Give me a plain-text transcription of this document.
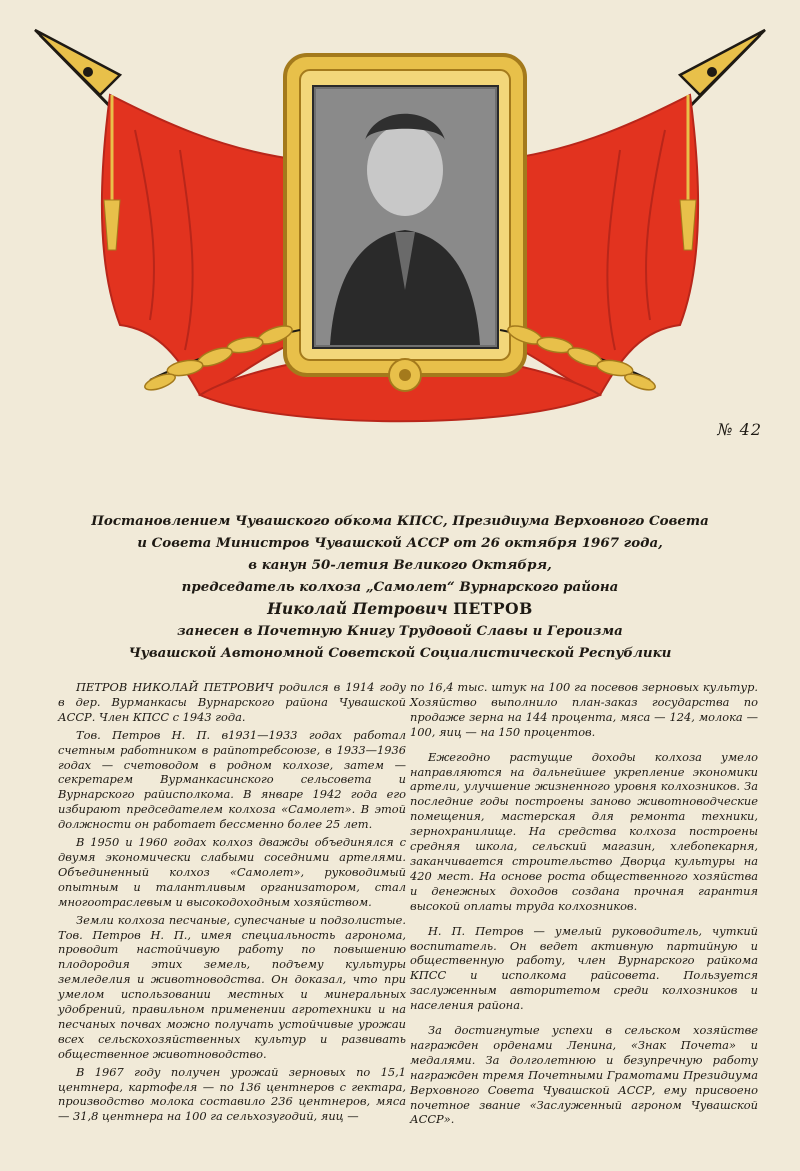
№ 42
Постановлением Чувашского обкома КПСС, Президиума Верховного Совета
и Совета Министров Чувашской АССР от 26 октября 1967 года,
в канун 50-летия Великого Октября,
председатель колхоза „Самолет“ Вурнарского района
Николай Петрович ПЕТРОВ
занесен в Почетную Книгу Трудовой Славы и Героизма
Чувашской Автономной Советской Социалистической Республики

ПЕТРОВ НИКОЛАЙ ПЕТРОВИЧ родился в 1914 году в дер. Вурманкасы Вурнарского района Чувашской АССР. Член КПСС с 1943 года.

Тов. Петров Н. П. в1931—1933 годах работал счетным работником в райпотребсоюзе, в 1933—1936 годах — счетоводом в родном колхозе, затем — секретарем Вурманкасинского сельсовета и Вурнарского райисполкома. В январе 1942 года его избирают председателем колхоза «Самолет». В этой должности он работает бессменно более 25 лет.

В 1950 и 1960 годах колхоз дважды объединялся с двумя экономически слабыми соседними артелями. Объединенный колхоз «Самолет», руководимый опытным и талантливым организатором, стал многоотраслевым и высокодоходным хозяйством.

Земли колхоза песчаные, супесчаные и подзолистые. Тов. Петров Н. П., имея специальность агронома, проводит настойчивую работу по повышению плодородия этих земель, подъему культуры земледелия и животноводства. Он доказал, что при умелом использовании местных и минеральных удобрений, правильном применении агротехники и на песчаных почвах можно получать устойчивые урожаи всех сельскохозяйственных культур и развивать общественное животноводство.

В 1967 году получен урожай зерновых по 15,1 центнера, картофеля — по 136 центнеров с гектара, производство молока составило 236 центнеров, мяса — 31,8 центнера на 100 га сельхозугодий, яиц —

по 16,4 тыс. штук на 100 га посевов зерновых культур. Хозяйство выполнило план-заказ государства по продаже зерна на 144 процента, мяса — 124, молока — 100, яиц — на 150 процентов.

Ежегодно растущие доходы колхоза умело направляются на дальнейшее укрепление экономики артели, улучшение жизненного уровня колхозников. За последние годы построены заново животноводческие помещения, мастерская для ремонта техники, зернохранилище. На средства колхоза построены средняя школа, сельский магазин, хлебопекарня, заканчивается строительство Дворца культуры на 420 мест. На основе роста общественного хозяйства и денежных доходов создана прочная гарантия высокой оплаты труда колхозников.

Н. П. Петров — умелый руководитель, чуткий воспитатель. Он ведет активную партийную и общественную работу, член Вурнарского райкома КПСС и исполкома райсовета. Пользуется заслуженным авторитетом среди колхозников и населения района.

За достигнутые успехи в сельском хозяйстве награжден орденами Ленина, «Знак Почета» и медалями. За долголетнюю и безупречную работу награжден тремя Почетными Грамотами Президиума Верховного Совета Чувашской АССР, ему присвоено почетное звание «Заслуженный агроном Чувашской АССР».
